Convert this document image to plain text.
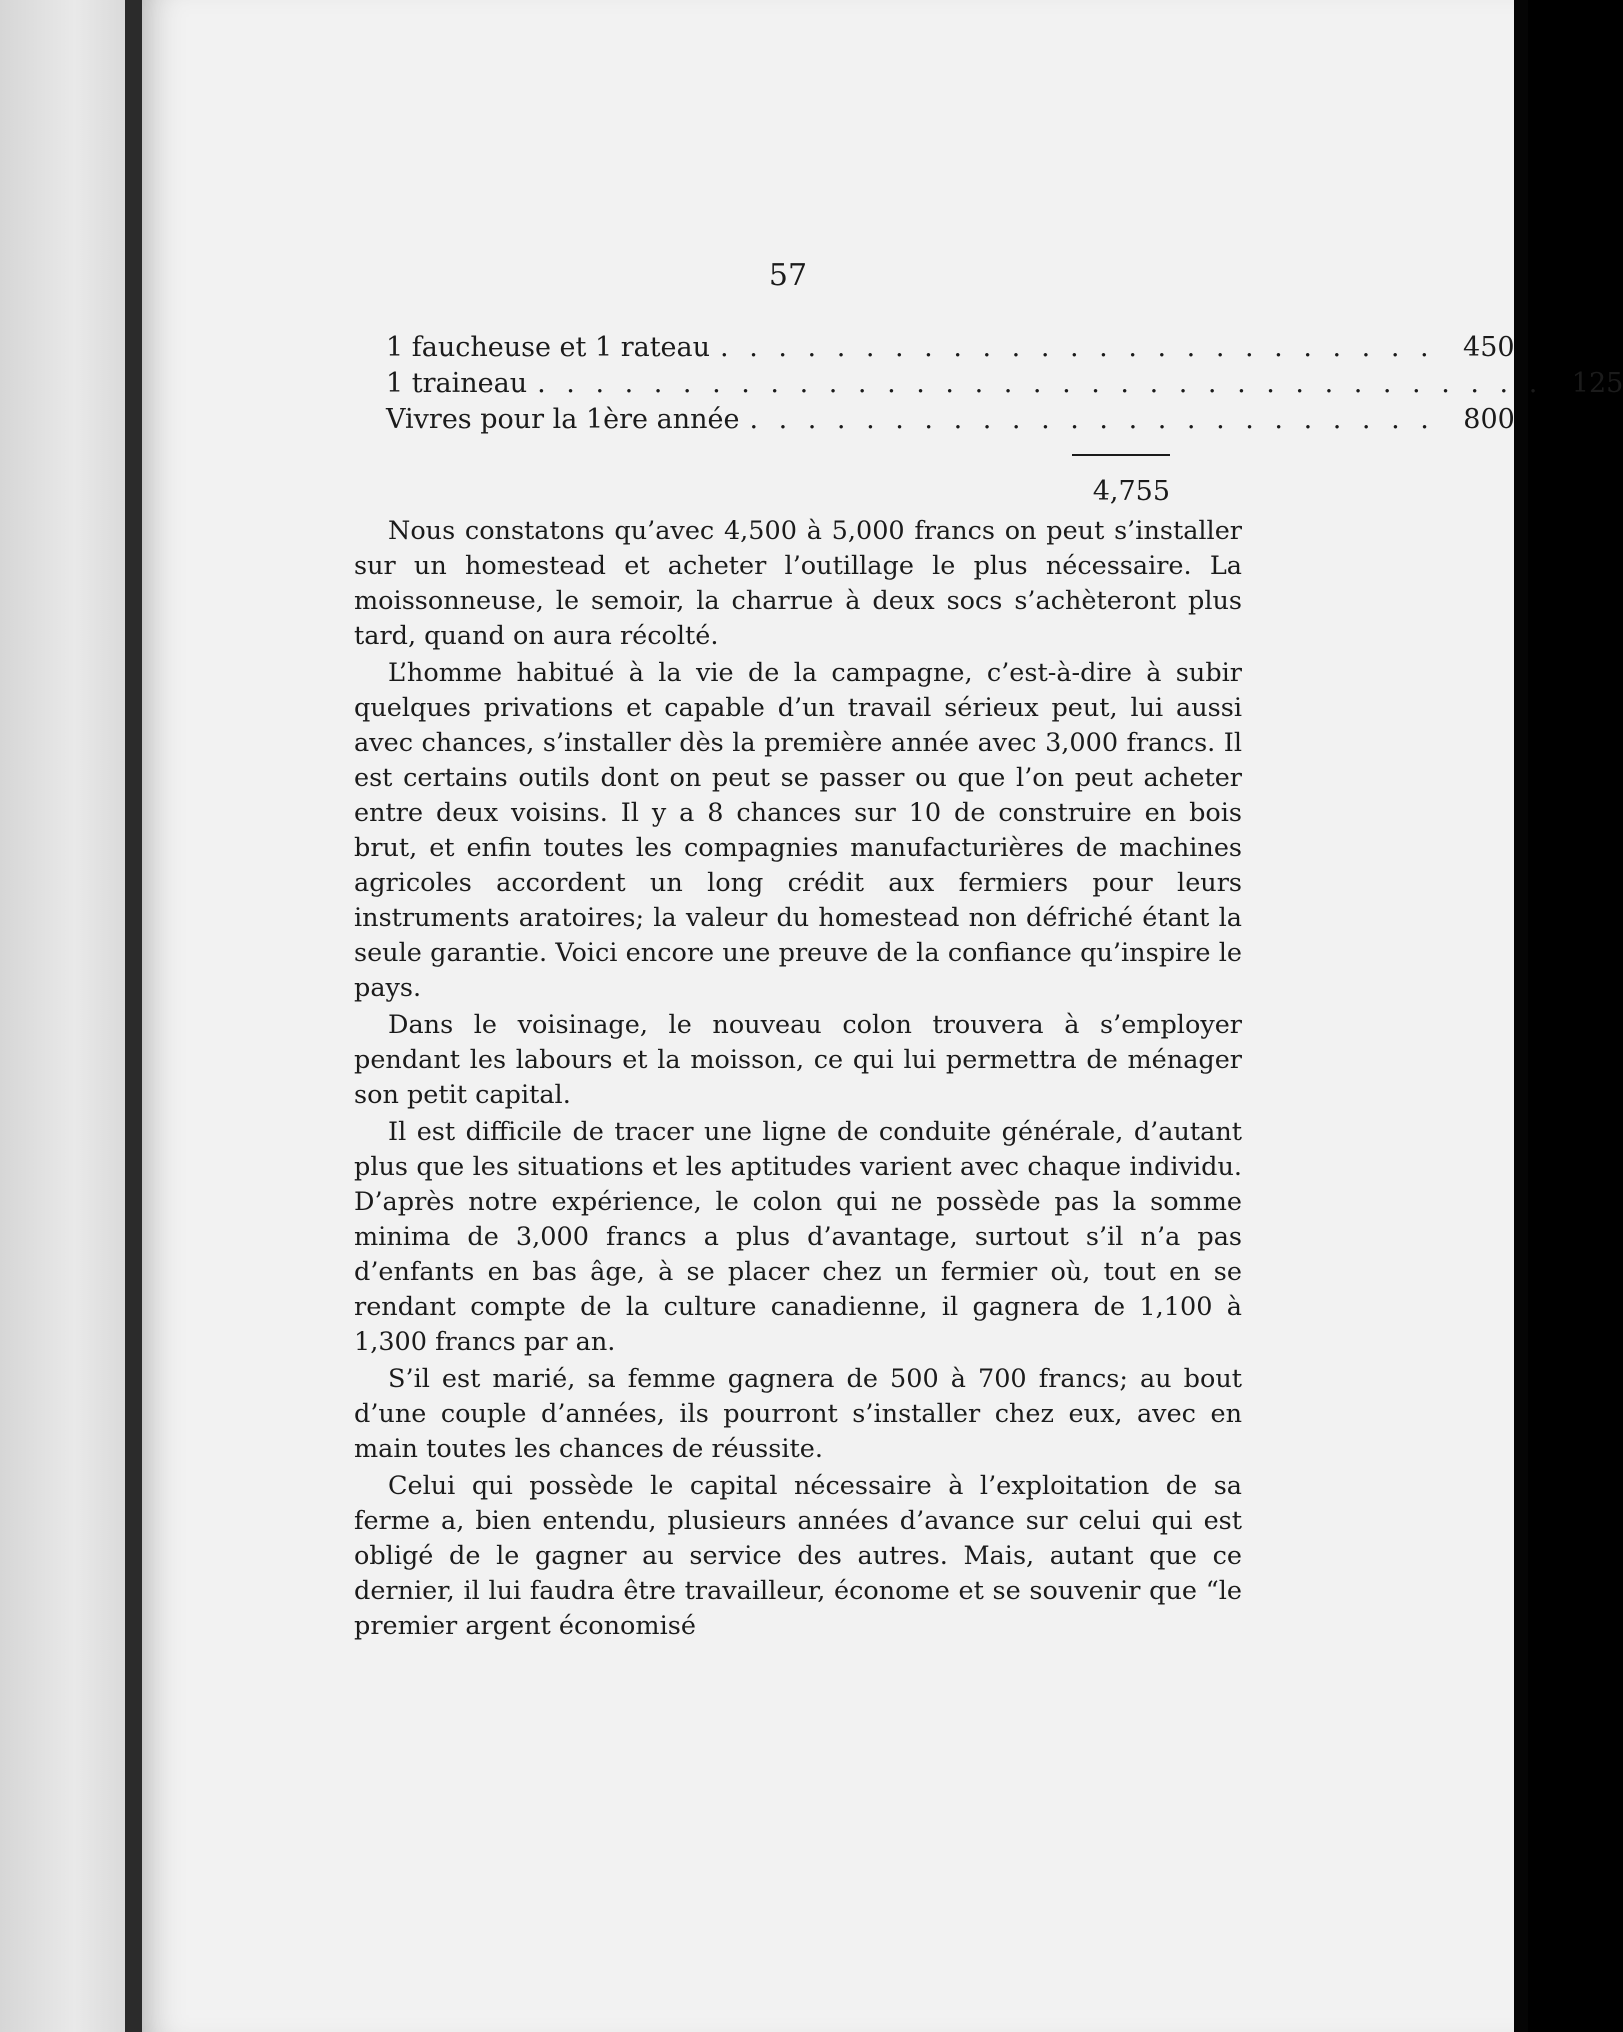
57
1 faucheuse et 1 rateau . . . . . . . . . . . . . . . . . . . . . . . . .	450
1 traineau . . . . . . . . . . . . . . . . . . . . . . . . . . . . . . . . . . .	125
Vivres pour la 1ère année . . . . . . . . . . . . . . . . . . . . . . . .	800
4,755

Nous constatons qu’avec 4,500 à 5,000 francs on peut s’installer sur un homestead et acheter l’outillage le plus nécessaire. La moissonneuse, le semoir, la charrue à deux socs s’achèteront plus tard, quand on aura récolté.

L’homme habitué à la vie de la campagne, c’est-à-dire à subir quelques privations et capable d’un travail sérieux peut, lui aussi avec chances, s’installer dès la première année avec 3,000 francs. Il est certains outils dont on peut se passer ou que l’on peut acheter entre deux voisins. Il y a 8 chances sur 10 de construire en bois brut, et enfin toutes les compagnies manufacturières de machines agricoles accordent un long crédit aux fermiers pour leurs instruments aratoires; la valeur du homestead non défriché étant la seule garantie. Voici encore une preuve de la confiance qu’inspire le pays.

Dans le voisinage, le nouveau colon trouvera à s’employer pendant les labours et la moisson, ce qui lui permettra de ménager son petit capital.

Il est difficile de tracer une ligne de conduite générale, d’autant plus que les situations et les aptitudes varient avec chaque individu. D’après notre expérience, le colon qui ne possède pas la somme minima de 3,000 francs a plus d’avantage, surtout s’il n’a pas d’enfants en bas âge, à se placer chez un fermier où, tout en se rendant compte de la culture canadienne, il gagnera de 1,100 à 1,300 francs par an.

S’il est marié, sa femme gagnera de 500 à 700 francs; au bout d’une couple d’années, ils pourront s’installer chez eux, avec en main toutes les chances de réussite.

Celui qui possède le capital nécessaire à l’exploitation de sa ferme a, bien entendu, plusieurs années d’avance sur celui qui est obligé de le gagner au service des autres. Mais, autant que ce dernier, il lui faudra être travailleur, économe et se souvenir que “le premier argent économisé
